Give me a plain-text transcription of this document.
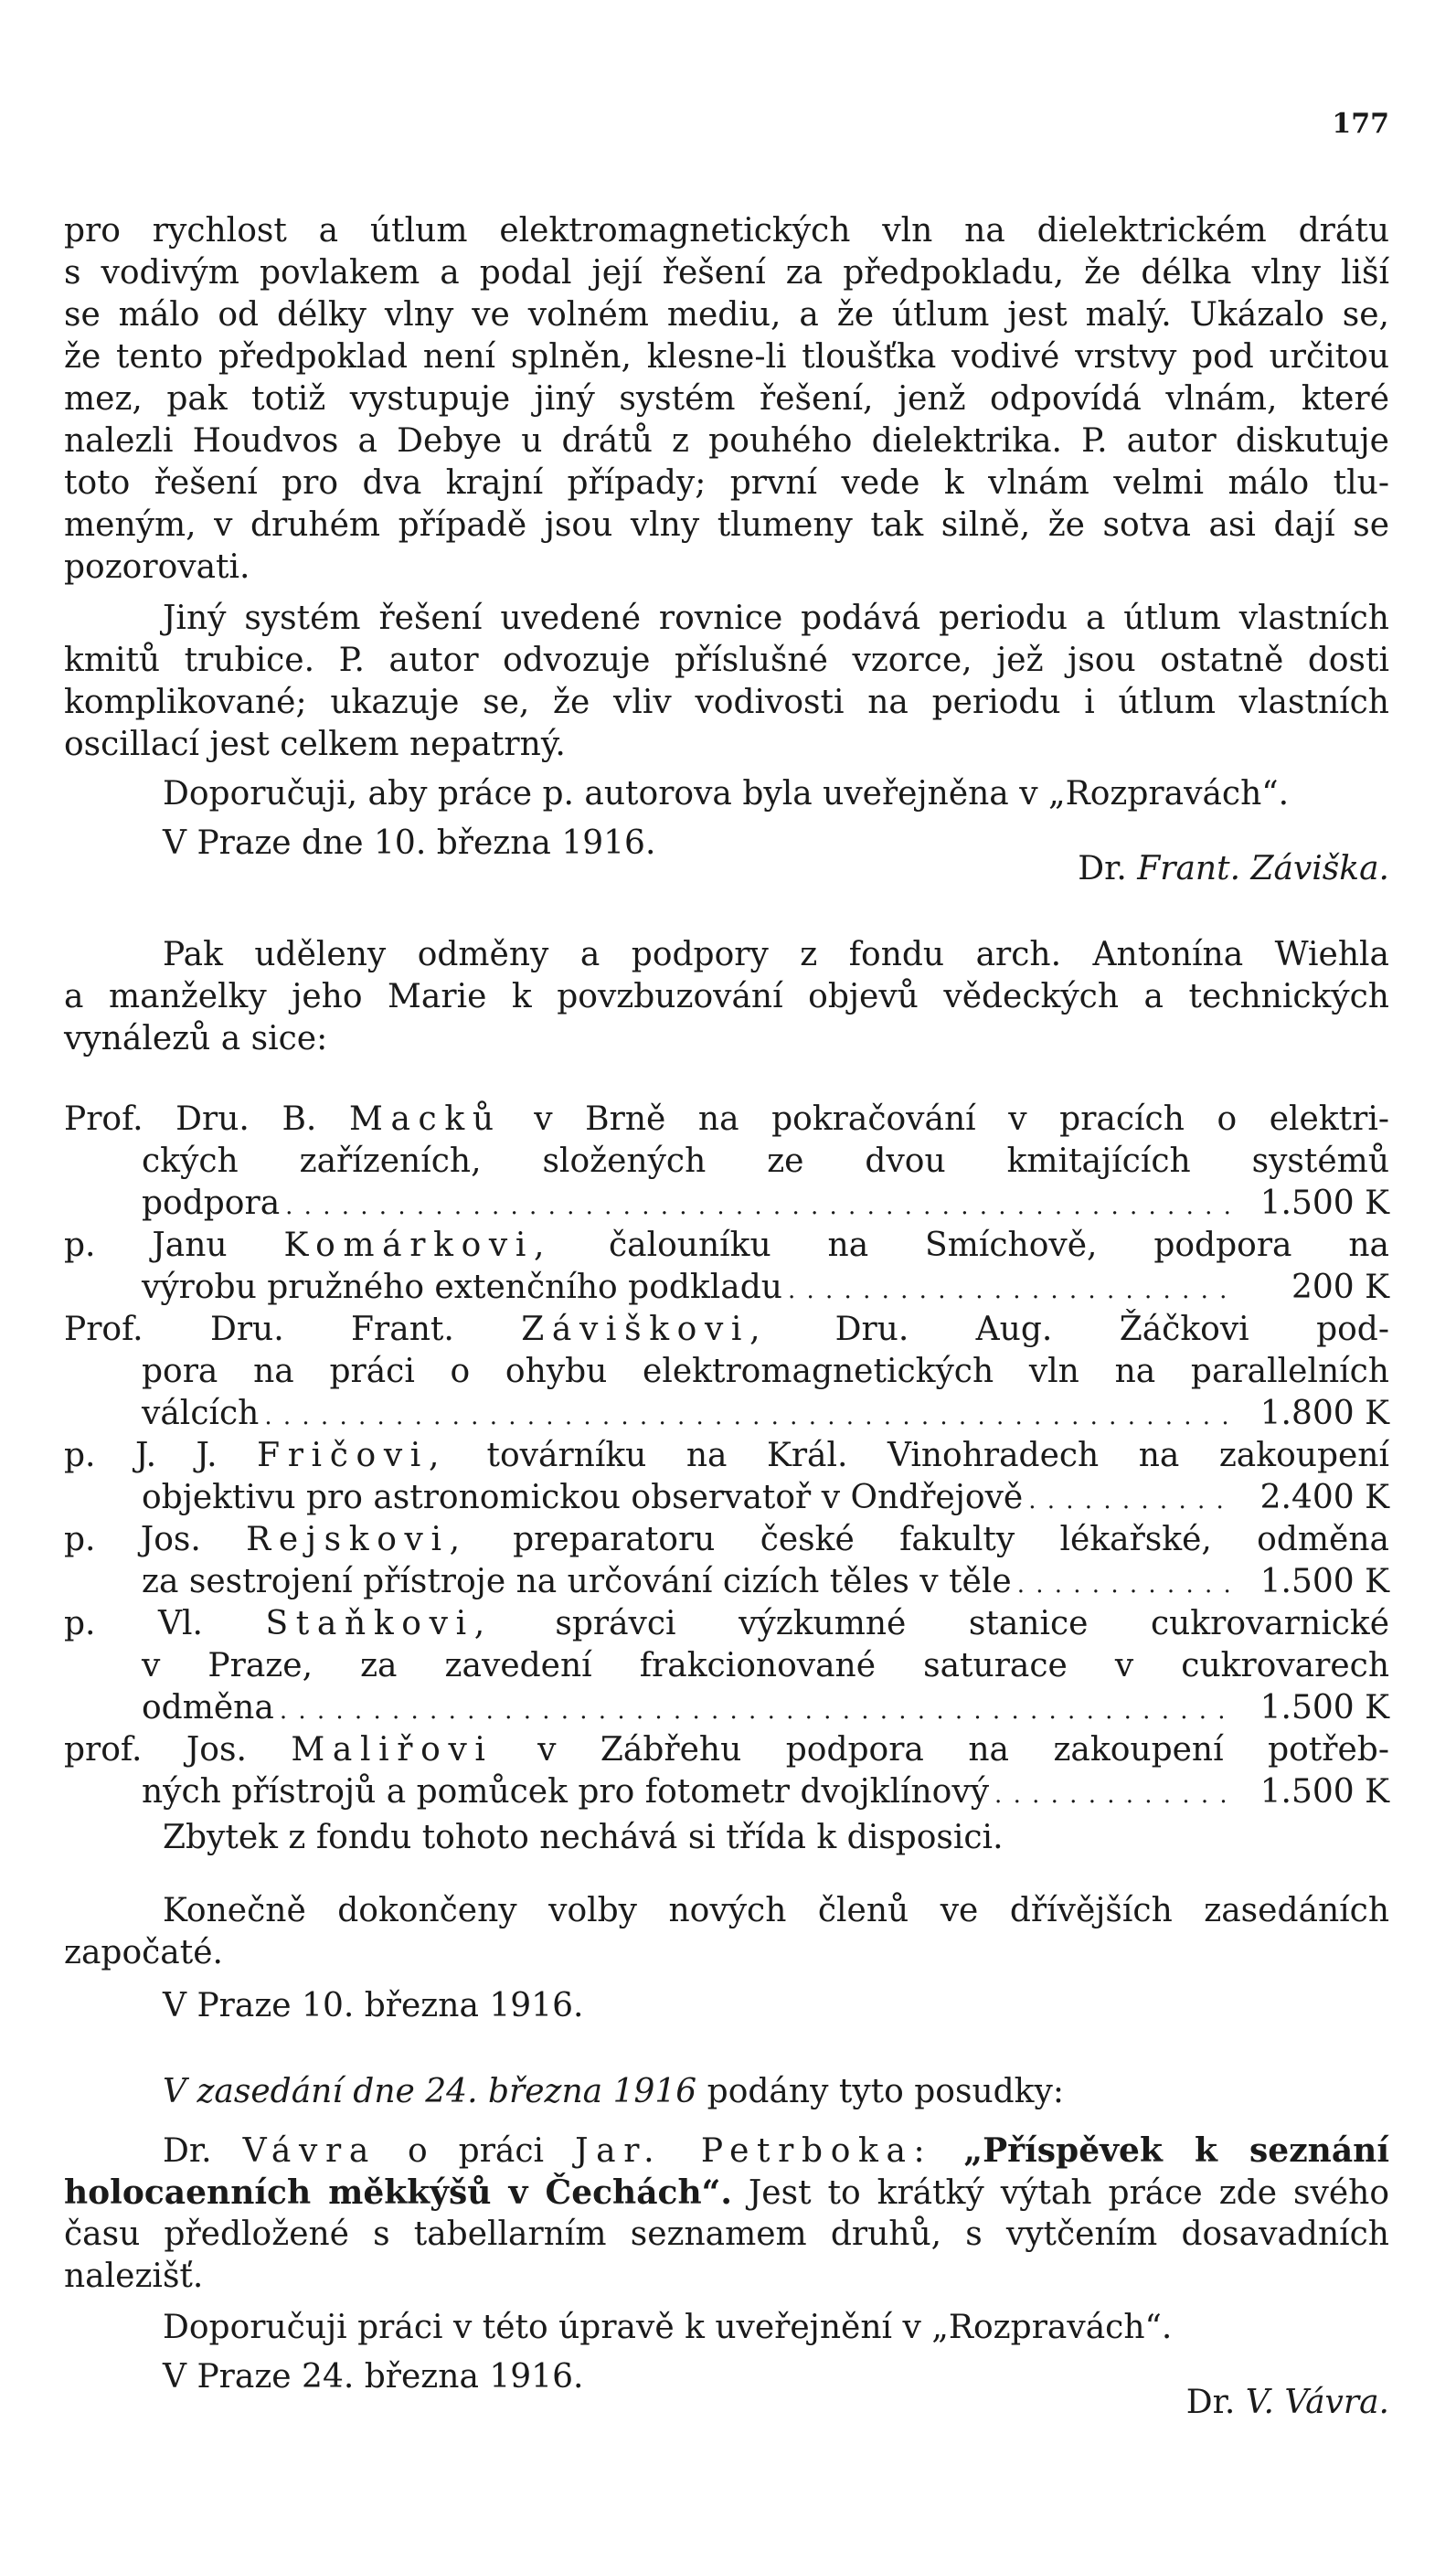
177
pro rychlost a útlum elektromagnetických vln na dielektrickém drátu
s vodivým povlakem a podal její řešení za předpokladu, že délka vlny liší
se málo od délky vlny ve volném mediu, a že útlum jest malý. Ukázalo se,
že tento předpoklad není splněn, klesne-li tloušťka vodivé vrstvy pod určitou
mez, pak totiž vystupuje jiný systém řešení, jenž odpovídá vlnám, které
nalezli Houdvos a Debye u drátů z pouhého dielektrika. P. autor diskutuje
toto řešení pro dva krajní případy; první vede k vlnám velmi málo tlu-
meným, v druhém případě jsou vlny tlumeny tak silně, že sotva asi dají se
pozorovati.
Jiný systém řešení uvedené rovnice podává periodu a útlum vlastních
kmitů trubice. P. autor odvozuje příslušné vzorce, jež jsou ostatně dosti
komplikované; ukazuje se, že vliv vodivosti na periodu i útlum vlastních
oscillací jest celkem nepatrný.
Doporučuji, aby práce p. autorova byla uveřejněna v „Rozpravách“.
V Praze dne 10. března 1916.
Dr. Frant. Záviška.
Pak uděleny odměny a podpory z fondu arch. Antonína Wiehla
a manželky jeho Marie k povzbuzování objevů vědeckých a technických
vynálezů a sice:
Prof. Dru. B. Macků v Brně na pokračování v pracích o elektri-
ckých zařízeních, složených ze dvou kmitajících systémů
podpora . . .	1.500 K
p. Janu Komárkovi, čalouníku na Smíchově, podpora na
výrobu pružného extenčního podkladu . . .	200 K
Prof. Dru. Frant. Záviškovi, Dru. Aug. Žáčkovi pod-
pora na práci o ohybu elektromagnetických vln na parallelních
válcích . . .	1.800 K
p. J. J. Fričovi, továrníku na Král. Vinohradech na zakoupení
objektivu pro astronomickou observatoř v Ondřejově . . .	2.400 K
p. Jos. Rejskovi, preparatoru české fakulty lékařské, odměna
za sestrojení přístroje na určování cizích těles v těle . . .	1.500 K
p. Vl. Staňkovi, správci výzkumné stanice cukrovarnické
v Praze, za zavedení frakcionované saturace v cukrovarech
odměna . . .	1.500 K
prof. Jos. Maliřovi v Zábřehu podpora na zakoupení potřeb-
ných přístrojů a pomůcek pro fotometr dvojklínový . . .	1.500 K
Zbytek z fondu tohoto nechává si třída k disposici.
Konečně dokončeny volby nových členů ve dřívějších zasedáních
započaté.
V Praze 10. března 1916.
V zasedání dne 24. března 1916 podány tyto posudky:
Dr. Vávra o práci Jar. Petrboka: „Příspěvek k seznání
holocaenních měkkýšů v Čechách“. Jest to krátký výtah práce zde svého
času předložené s tabellarním seznamem druhů, s vytčením dosavadních
nalezišť.
Doporučuji práci v této úpravě k uveřejnění v „Rozpravách“.
V Praze 24. března 1916.
Dr. V. Vávra.
